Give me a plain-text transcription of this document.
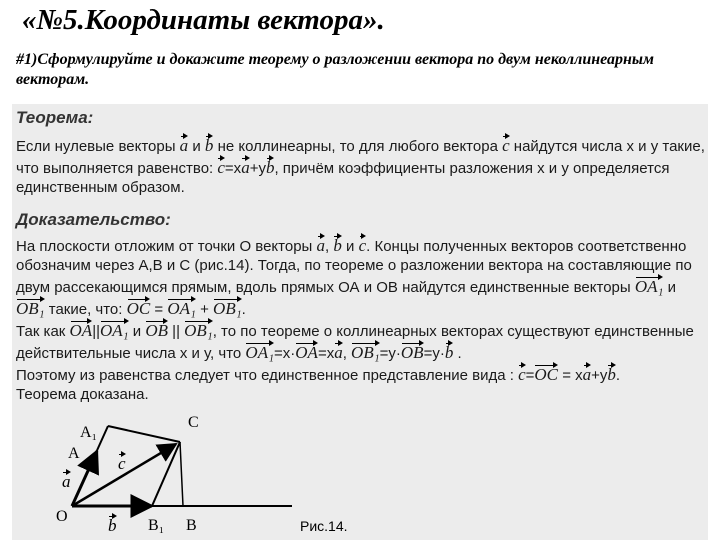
«№5.Координаты вектора».

#1)Сформулируйте и докажите теорему о разложении вектора по двум неколлинеарным векторам.

Теорема:

Если нулевые векторы a и b не коллинеарны, то для любого вектора c найдутся числа х и у такие, что выполняется равенство: c=x
a+y
b, причём коэффициенты разложения х и у определяется единственным образом.

Доказательство:

На плоскости отложим от точки О векторы a, b и c. Концы полученных векторов соответственно обозначим через А,В и С (рис.14). Тогда, по теореме о разложении вектора на составляющие по двум рассекающимся прямым, вдоль прямых ОА и ОВ найдутся единственные векторы OA₁ и
OB₁ такие, что: OC = OA₁ + OB₁.

Так как OA||
OA₁ и OB || OB₁, то по теореме о коллинеарных векторах существуют единственные действительные числа х и у, что OA₁=x·
OA=x
a,
OB₁=y·
OB=y·
b .

Поэтому из равенства следует что единственное представление вида : c=
OC = x
a+y
b.

Теорема доказана.

A₁
A
C
O
B₁ B
a
c
b	Рис.14.
